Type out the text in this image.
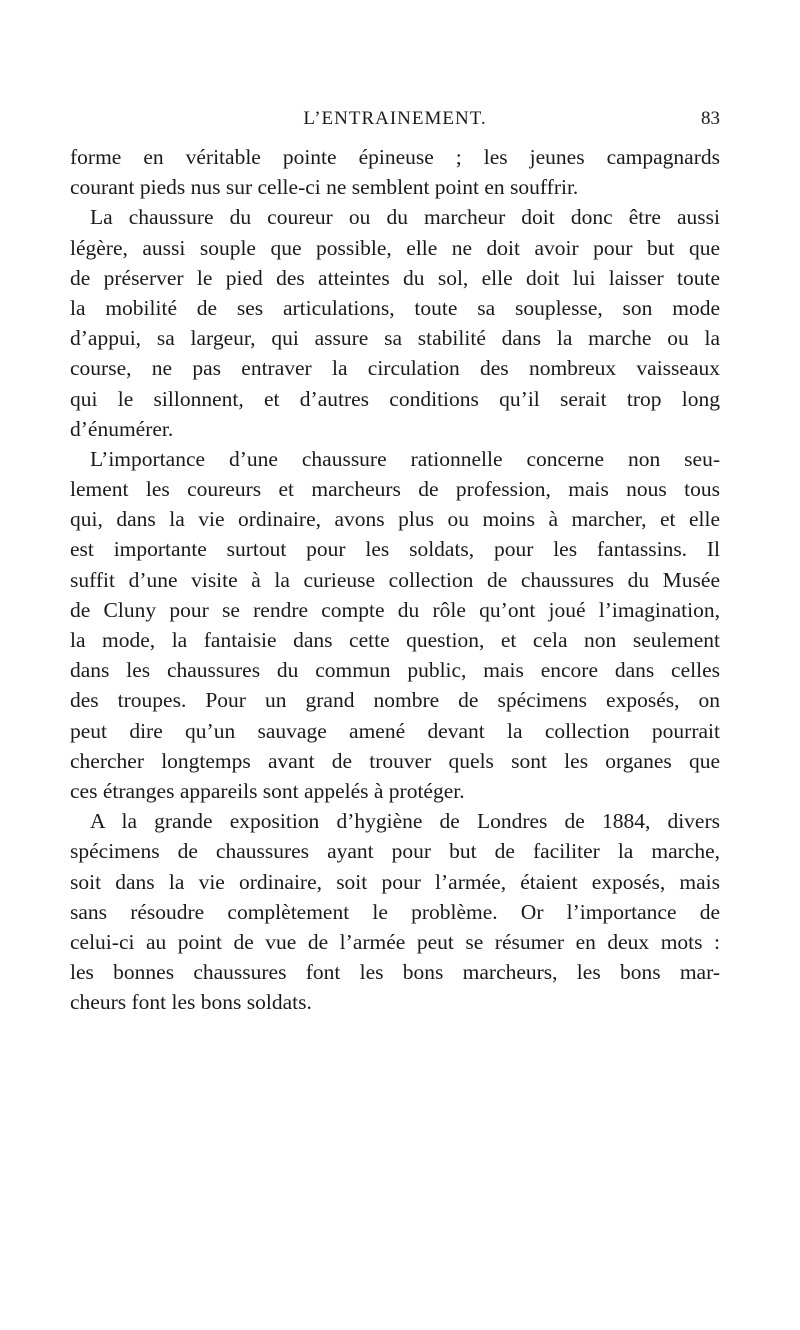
L’ENTRAINEMENT.	83
forme en véritable pointe épineuse ; les jeunes campagnards
courant pieds nus sur celle-ci ne semblent point en souffrir.
La chaussure du coureur ou du marcheur doit donc être aussi
légère, aussi souple que possible, elle ne doit avoir pour but que
de préserver le pied des atteintes du sol, elle doit lui laisser toute
la mobilité de ses articulations, toute sa souplesse, son mode
d’appui, sa largeur, qui assure sa stabilité dans la marche ou la
course, ne pas entraver la circulation des nombreux vaisseaux
qui le sillonnent, et d’autres conditions qu’il serait trop long
d’énumérer.
L’importance d’une chaussure rationnelle concerne non seu-
lement les coureurs et marcheurs de profession, mais nous tous
qui, dans la vie ordinaire, avons plus ou moins à marcher, et elle
est importante surtout pour les soldats, pour les fantassins. Il
suffit d’une visite à la curieuse collection de chaussures du Musée
de Cluny pour se rendre compte du rôle qu’ont joué l’imagination,
la mode, la fantaisie dans cette question, et cela non seulement
dans les chaussures du commun public, mais encore dans celles
des troupes. Pour un grand nombre de spécimens exposés, on
peut dire qu’un sauvage amené devant la collection pourrait
chercher longtemps avant de trouver quels sont les organes que
ces étranges appareils sont appelés à protéger.
A la grande exposition d’hygiène de Londres de 1884, divers
spécimens de chaussures ayant pour but de faciliter la marche,
soit dans la vie ordinaire, soit pour l’armée, étaient exposés, mais
sans résoudre complètement le problème. Or l’importance de
celui-ci au point de vue de l’armée peut se résumer en deux mots :
les bonnes chaussures font les bons marcheurs, les bons mar-
cheurs font les bons soldats.
